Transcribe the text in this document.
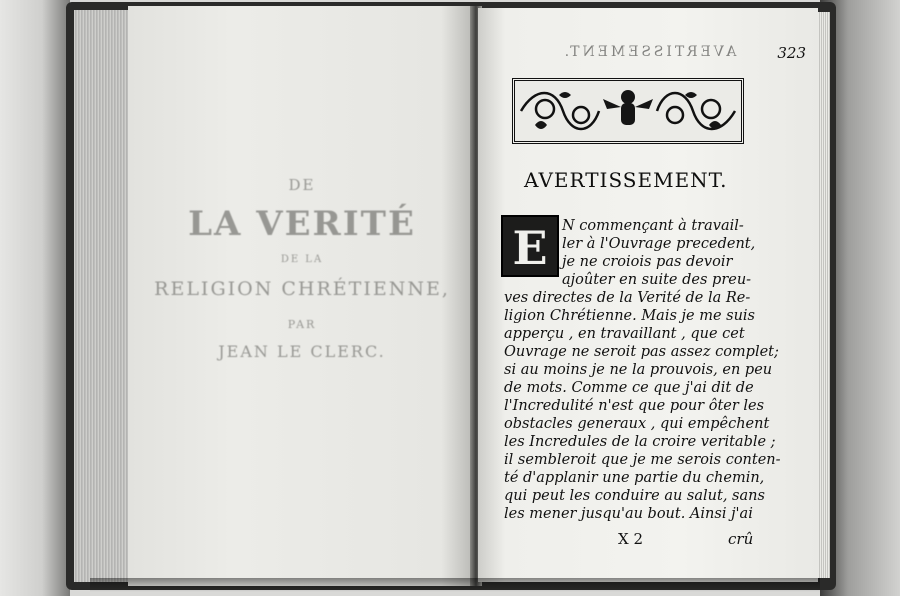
DE
LA VERITÉ
DE LA
RELIGION CHRÉTIENNE,
PAR
JEAN LE CLERC.
AVERTISSEMENT.	323
AVERTISSEMENT.
E N commençant à travail-
ler à l'Ouvrage precedent,
je ne croiois pas devoir
ajoûter en suite des preu-
ves directes de la Verité de la Re-
ligion Chrétienne. Mais je me suis
apperçu , en travaillant , que cet
Ouvrage ne seroit pas assez complet;
si au moins je ne la prouvois, en peu
de mots. Comme ce que j'ai dit de
l'Incredulité n'est que pour ôter les
obstacles generaux , qui empêchent
les Incredules de la croire veritable ;
il sembleroit que je me serois conten-
té d'applanir une partie du chemin,
qui peut les conduire au salut, sans
les mener jusqu'au bout. Ainsi j'ai
X 2	crû
